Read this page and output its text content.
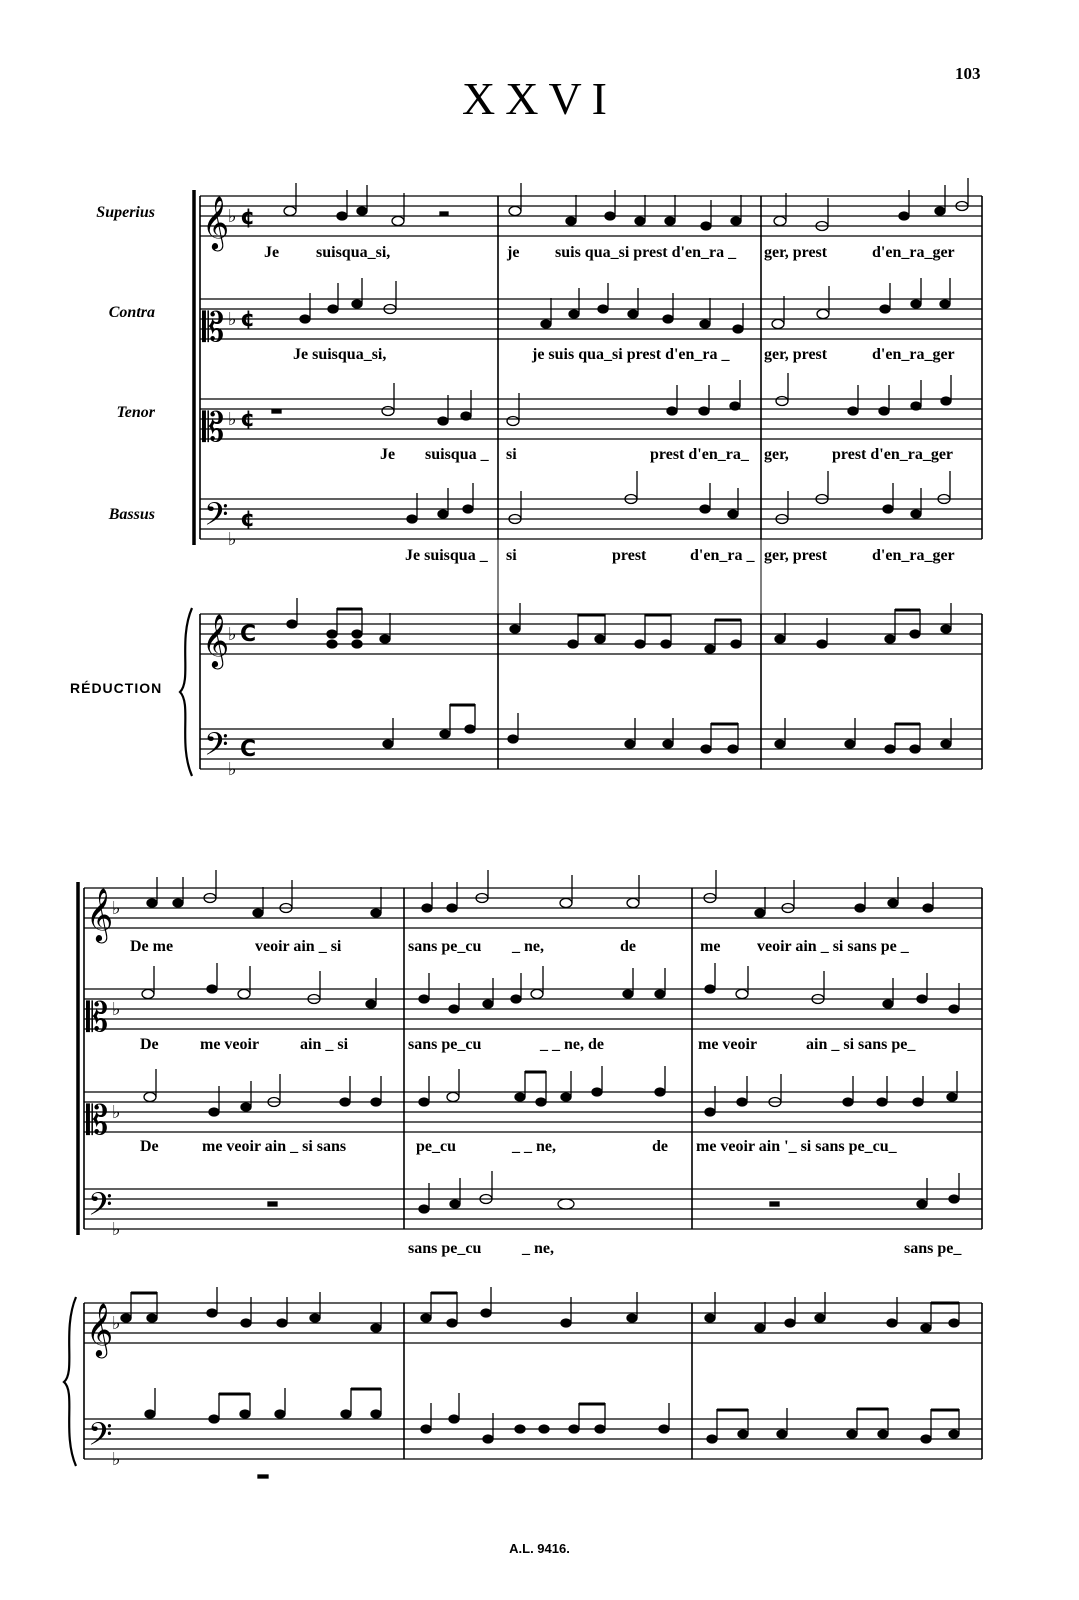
103
XXVI
Superius
Contra
Tenor
Bassus
RÉDUCTION
𝄞
𝄡
𝄡
𝄢
𝄞
𝄢
♭
♭
♭
♭
♭
♭
¢
¢
¢
¢
C
C
𝄞
𝄡
𝄡
𝄢
𝄞
𝄢
♭
♭
♭
♭
♭
♭
Je suisqua_si,	je suis qua_si prest d'en_ra _ ger, prest	d'en_ra_ger
Je suisqua_si,	je suis qua_si prest d'en_ra _ ger, prest	d'en_ra_ger
Je suisqua _ si	prest d'en_ra_ ger,	prest d'en_ra_ger
Je suisqua _ si	prest	d'en_ra _ ger, prest	d'en_ra_ger
De me	veoir ain _ si	sans pe_cu _ ne,	de	me veoir ain _ si sans pe _
De	me veoir	ain _ si	sans pe_cu	_ _ ne, de	me veoir	ain _ si sans pe_
De	me veoir ain _ si sans	pe_cu	_ _ ne,	de me veoir ain '_ si sans pe_cu_
sans pe_cu	_ ne,	sans pe_
A.L. 9416.
